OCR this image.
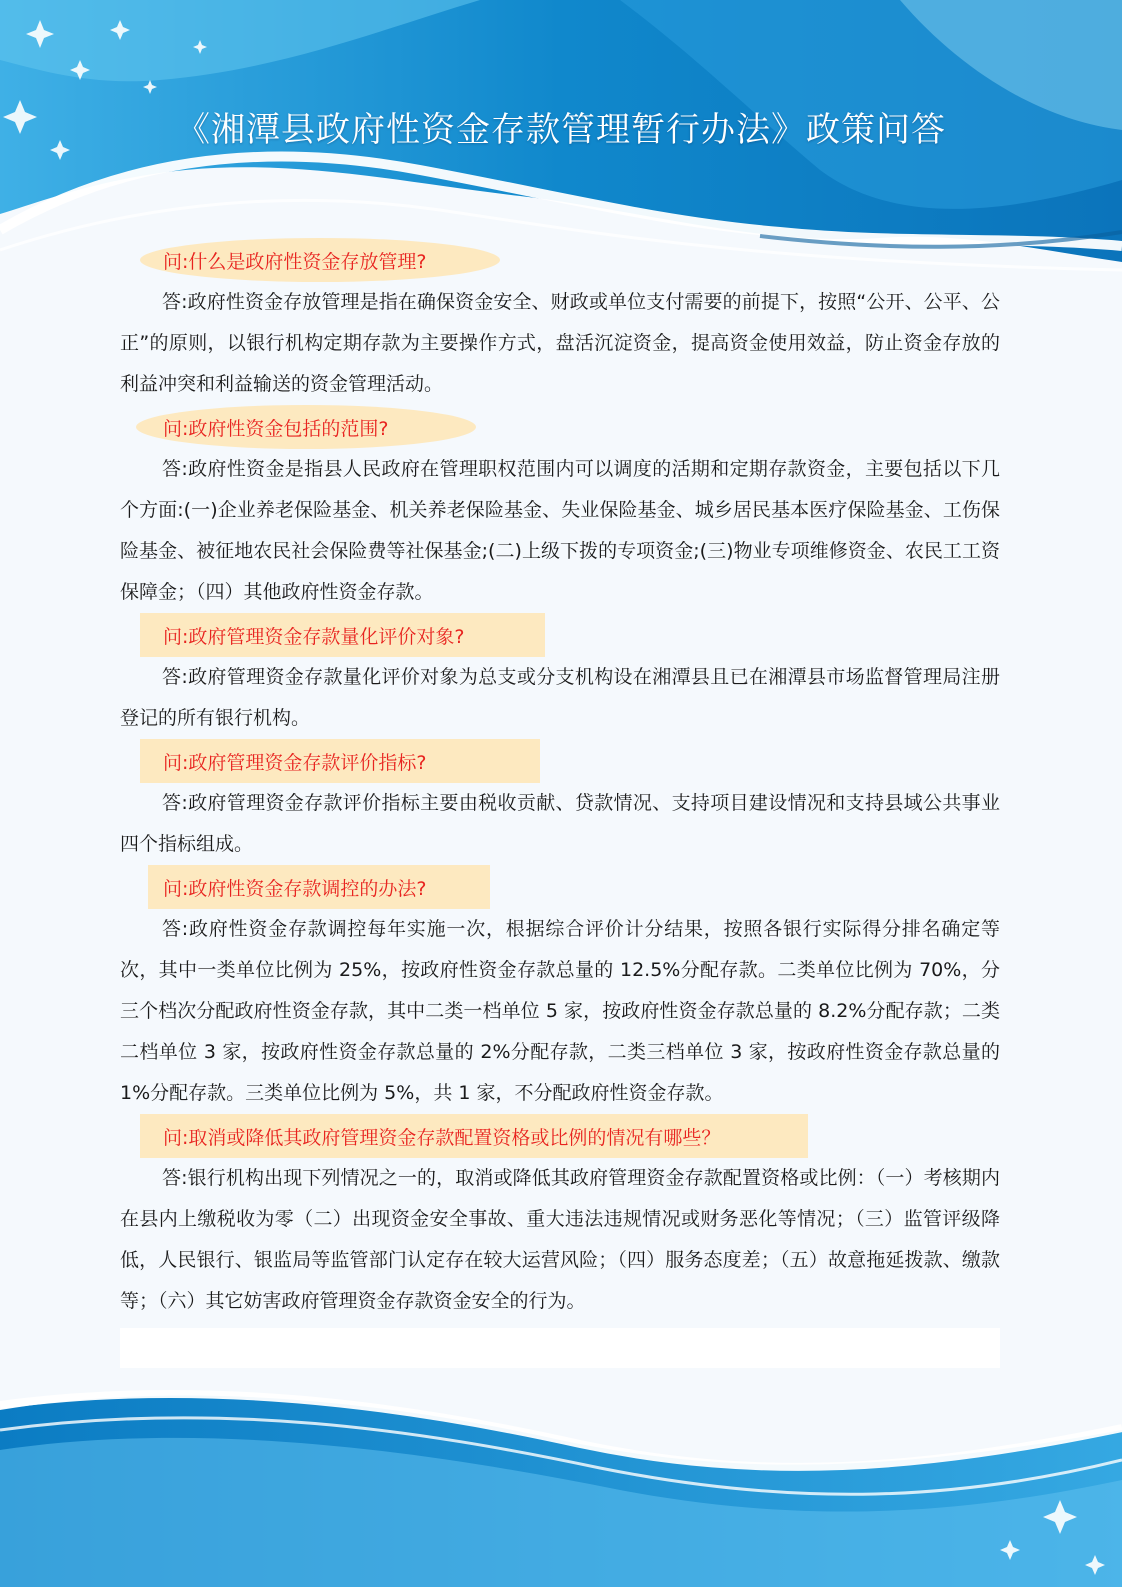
《湘潭县政府性资金存款管理暂行办法》政策问答
问:什么是政府性资金存放管理?

答:政府性资金存放管理是指在确保资金安全、财政或单位支付需要的前提下，按照“公开、公平、公正”的原则，以银行机构定期存款为主要操作方式，盘活沉淀资金，提高资金使用效益，防止资金存放的利益冲突和利益输送的资金管理活动。

问:政府性资金包括的范围?

答:政府性资金是指县人民政府在管理职权范围内可以调度的活期和定期存款资金，主要包括以下几个方面:(一)企业养老保险基金、机关养老保险基金、失业保险基金、城乡居民基本医疗保险基金、工伤保险基金、被征地农民社会保险费等社保基金;(二)上级下拨的专项资金;(三)物业专项维修资金、农民工工资保障金；（四）其他政府性资金存款。

问:政府管理资金存款量化评价对象?

答:政府管理资金存款量化评价对象为总支或分支机构设在湘潭县且已在湘潭县市场监督管理局注册登记的所有银行机构。

问:政府管理资金存款评价指标?

答:政府管理资金存款评价指标主要由税收贡献、贷款情况、支持项目建设情况和支持县域公共事业四个指标组成。

问:政府性资金存款调控的办法?

答:政府性资金存款调控每年实施一次，根据综合评价计分结果，按照各银行实际得分排名确定等次，其中一类单位比例为 25%，按政府性资金存款总量的 12.5%分配存款。二类单位比例为 70%，分三个档次分配政府性资金存款，其中二类一档单位 5 家，按政府性资金存款总量的 8.2%分配存款；二类二档单位 3 家，按政府性资金存款总量的 2%分配存款，二类三档单位 3 家，按政府性资金存款总量的 1%分配存款。三类单位比例为 5%，共 1 家，不分配政府性资金存款。

问:取消或降低其政府管理资金存款配置资格或比例的情况有哪些？

答:银行机构出现下列情况之一的，取消或降低其政府管理资金存款配置资格或比例：（一）考核期内在县内上缴税收为零（二）出现资金安全事故、重大违法违规情况或财务恶化等情况；（三）监管评级降低，人民银行、银监局等监管部门认定存在较大运营风险；（四）服务态度差；（五）故意拖延拨款、缴款等；（六）其它妨害政府管理资金存款资金安全的行为。
